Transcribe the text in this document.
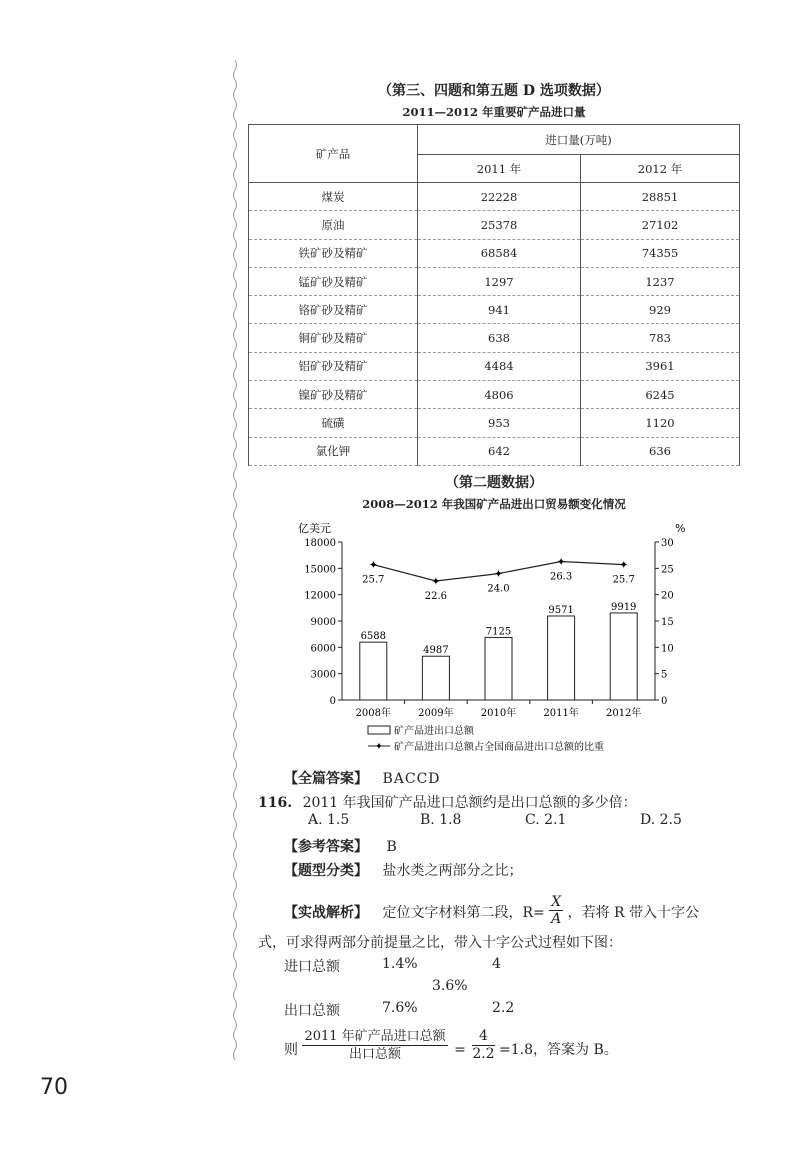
（第三、四题和第五题 D 选项数据）
2011—2012 年重要矿产品进口量
矿产品	进口量(万吨)	
	2011 年	2012 年
煤炭	22228	28851
原油	25378	27102
铁矿砂及精矿	68584	74355
锰矿砂及精矿	1297	1237
铬矿砂及精矿	941	929
铜矿砂及精矿	638	783
铝矿砂及精矿	4484	3961
镍矿砂及精矿	4806	6245
硫磺	953	1120
氯化钾	642	636
（第二题数据）
2008—2012 年我国矿产品进出口贸易额变化情况
亿美元	%
0
3000
6000
9000
12000
15000
18000
0
5
10
15
20
25
30
6588
4987
7125
9571	9919
✦
25.7	✦
22.6
✦
24.0
✦
26.3
✦
25.7
2008年	2009年	2010年	2011年	2012年
矿产品进出口总额
✦ 矿产品进出口总额占全国商品进出口总额的比重
【全篇答案】 BACCD
116. 2011 年我国矿产品进口总额约是出口总额的多少倍：
A. 1.5	B. 1.8	C. 2.1	D. 2.5
【参考答案】 B
【题型分类】 盐水类之两部分之比；
【实战解析】 定位文字材料第二段，$R= \frac{X}{A}$ ，若将 R 带入十字公
式，可求得两部分前提量之比，带入十字公式过程如下图：
进口总额	1.4%	4
3.6%
出口总额	7.6%	2.2
则
2011 年矿产品进口总额
出口总额	= $\frac{4}{2.2} =1.8$，答案为 B。
70
